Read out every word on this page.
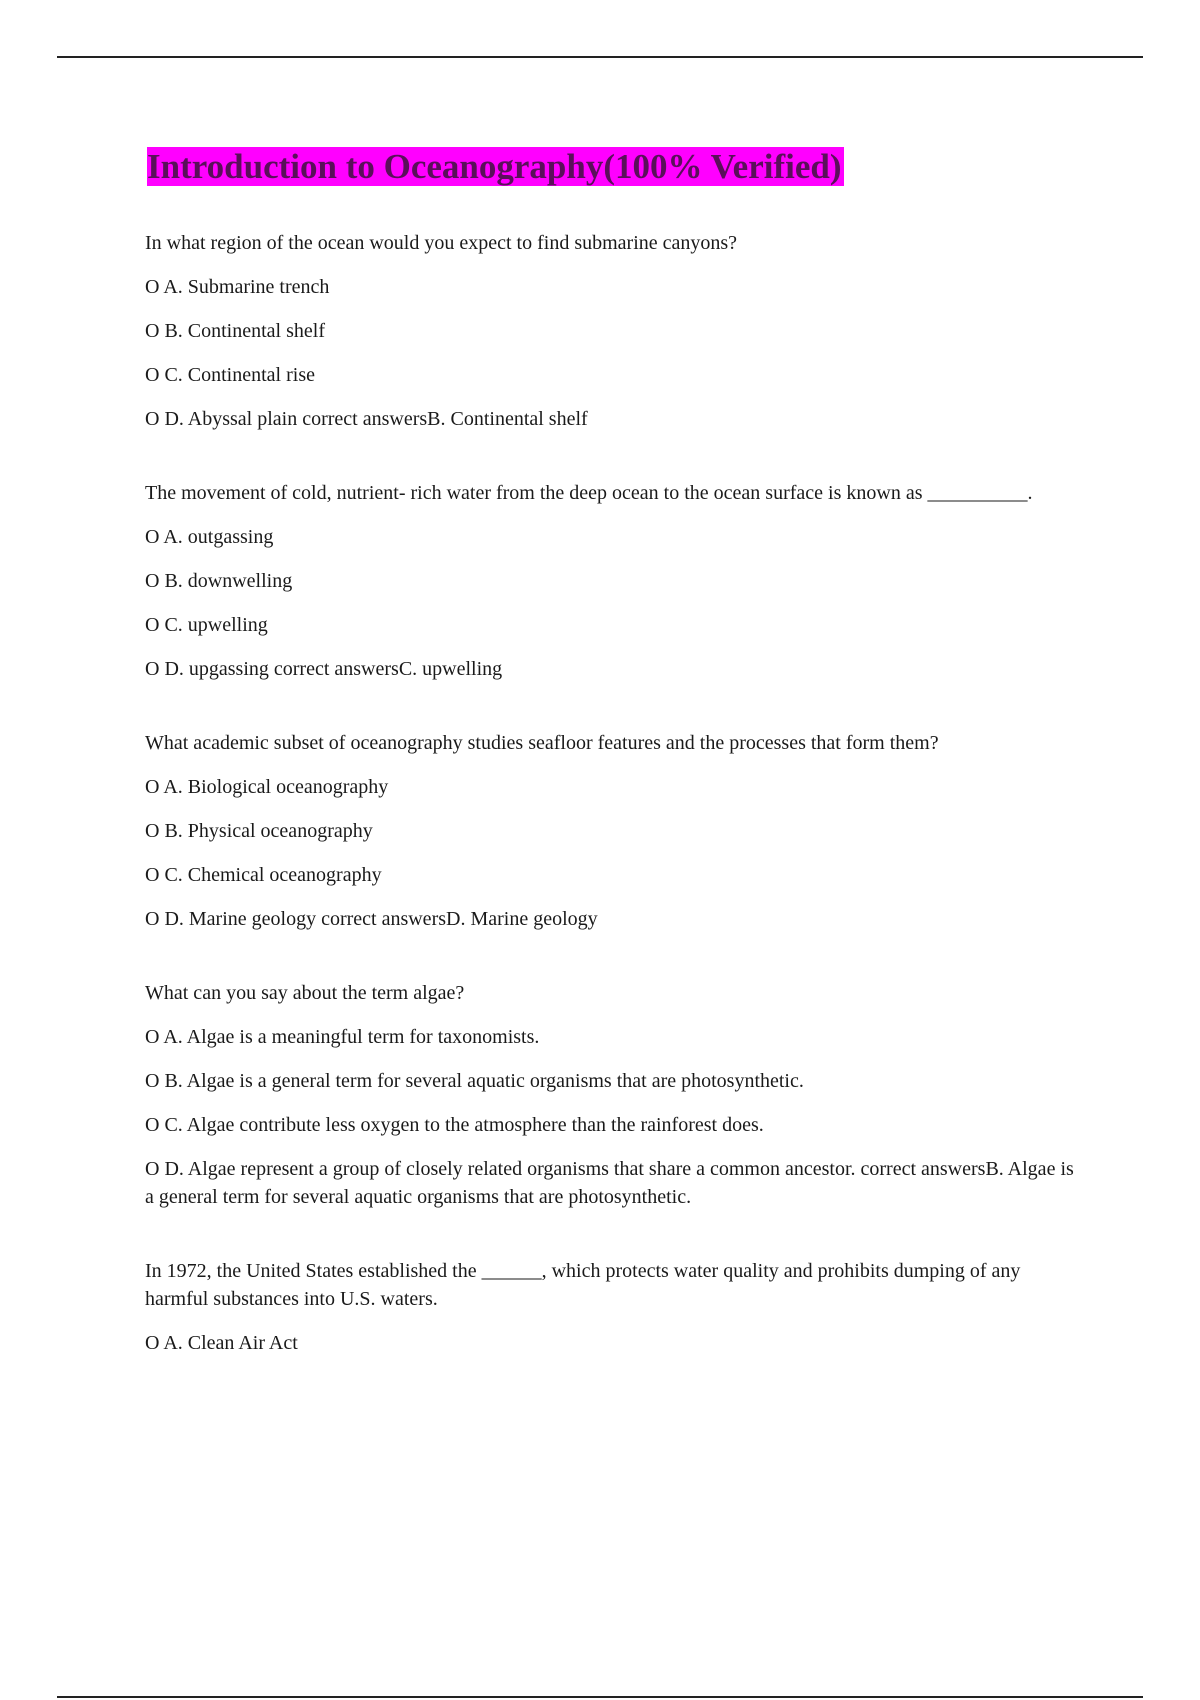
Introduction to Oceanography(100% Verified)

In what region of the ocean would you expect to find submarine canyons?

O A. Submarine trench

O B. Continental shelf

O C. Continental rise

O D. Abyssal plain correct answersB. Continental shelf

The movement of cold, nutrient- rich water from the deep ocean to the ocean surface is known as __________.

O A. outgassing

O B. downwelling

O C. upwelling

O D. upgassing correct answersC. upwelling

What academic subset of oceanography studies seafloor features and the processes that form them?

O A. Biological oceanography

O B. Physical oceanography

O C. Chemical oceanography

O D. Marine geology correct answersD. Marine geology

What can you say about the term algae?

O A. Algae is a meaningful term for taxonomists.

O B. Algae is a general term for several aquatic organisms that are photosynthetic.

O C. Algae contribute less oxygen to the atmosphere than the rainforest does.

O D. Algae represent a group of closely related organisms that share a common ancestor. correct answersB. Algae is a general term for several aquatic organisms that are photosynthetic.

In 1972, the United States established the ______, which protects water quality and prohibits dumping of any harmful substances into U.S. waters.

O A. Clean Air Act
